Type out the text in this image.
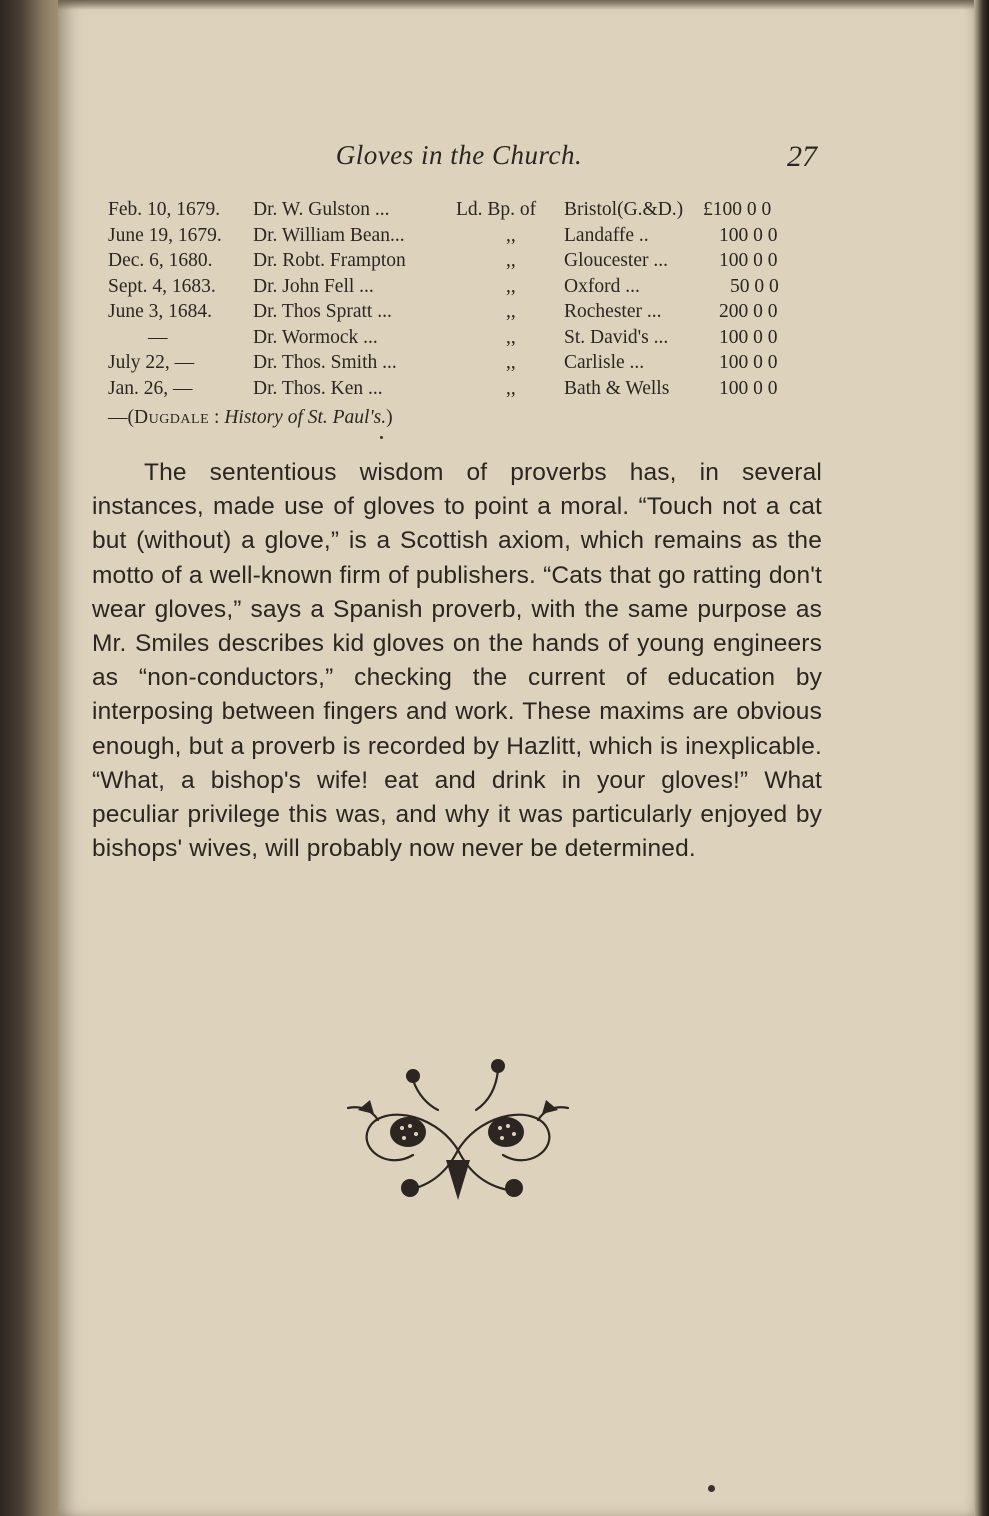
Gloves in the Church.	27
Feb. 10, 1679. Dr. W. Gulston ...	Ld. Bp. of Bristol(G.&D.) £100 0 0
June 19, 1679. Dr. William Bean...	,, Landaffe ..	100 0 0
Dec. 6, 1680. Dr. Robt. Frampton	,, Gloucester ...	100 0 0
Sept. 4, 1683. Dr. John Fell ...	,, Oxford ...	50 0 0
June 3, 1684. Dr. Thos Spratt ...	,, Rochester ...	200 0 0
—	Dr. Wormock ...	,, St. David's ...	100 0 0
July 22, —	Dr. Thos. Smith ...	,, Carlisle ...	100 0 0
Jan. 26, —	Dr. Thos. Ken ...	,, Bath & Wells	100 0 0
—(Dugdale : History of St. Paul's.)

The sententious wisdom of proverbs has, in several instances, made use of gloves to point a moral. “Touch not a cat but (without) a glove,” is a Scottish axiom, which remains as the motto of a well-known firm of publishers. “Cats that go ratting don't wear gloves,” says a Spanish proverb, with the same purpose as Mr. Smiles describes kid gloves on the hands of young engineers as “non-conductors,” checking the current of education by interposing between fingers and work. These maxims are obvious enough, but a proverb is recorded by Hazlitt, which is inexplicable. “What, a bishop's wife! eat and drink in your gloves!” What peculiar privilege this was, and why it was particularly enjoyed by bishops' wives, will probably now never be determined.
